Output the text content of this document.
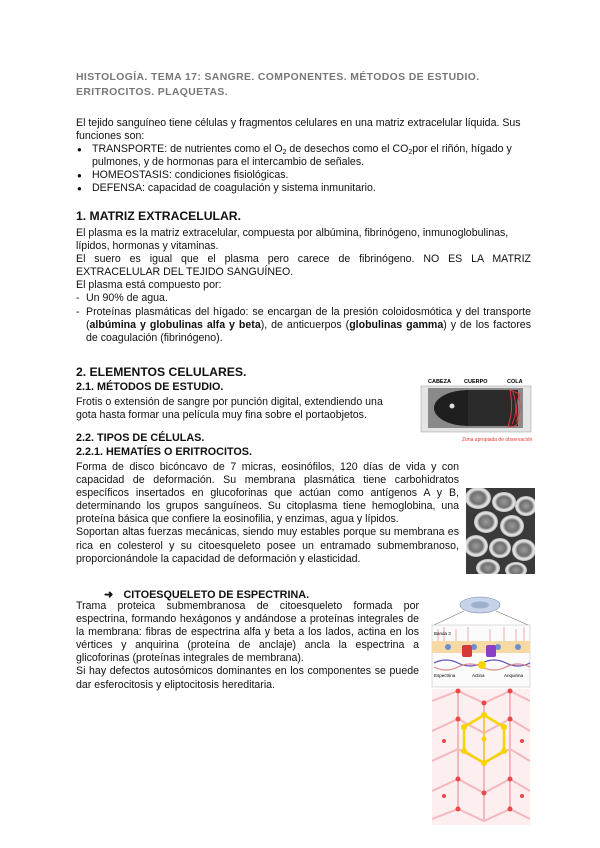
HISTOLOGÍA. TEMA 17: SANGRE. COMPONENTES. MÉTODOS DE ESTUDIO.
ERITROCITOS. PLAQUETAS.

El tejido sanguíneo tiene células y fragmentos celulares en una matriz extracelular líquida. Sus funciones son:

● TRANSPORTE: de nutrientes como el $O_2$ de desechos como el $CO_2por$ el riñón, hígado y pulmones, y de hormonas para el intercambio de señales.
● HOMEOSTASIS: condiciones fisiológicas.
● DEFENSA: capacidad de coagulación y sistema inmunitario.

1. MATRIZ EXTRACELULAR.

El plasma es la matriz extracelular, compuesta por albúmina, fibrinógeno, inmunoglobulinas, lípidos, hormonas y vitaminas.

El suero es igual que el plasma pero carece de fibrinógeno. NO ES LA MATRIZ EXTRACELULAR DEL TEJIDO SANGUÍNEO.

El plasma está compuesto por:

- Un 90% de agua.
- Proteínas plasmáticas del hígado: se encargan de la presión coloidosmótica y del transporte (albúmina y globulinas alfa y beta), de anticuerpos (globulinas gamma) y de los factores de coagulación (fibrinógeno).

2. ELEMENTOS CELULARES.

2.1. MÉTODOS DE ESTUDIO.

Frotis o extensión de sangre por punción digital, extendiendo una gota hasta formar una película muy fina sobre el portaobjetos.

2.2. TIPOS DE CÉLULAS.

2.2.1. HEMATÍES O ERITROCITOS.

Forma de disco bicóncavo de 7 micras, eosinófilos, 120 días de vida y con capacidad de deformación. Su membrana plasmática tiene carbohidratos específicos insertados en glucoforinas que actúan como antígenos A y B, determinando los grupos sanguíneos. Su citoplasma tiene hemoglobina, una proteína básica que confiere la eosinofilia, y enzimas, agua y lípidos.

Soportan altas fuerzas mecánicas, siendo muy estables porque su membrana es rica en colesterol y su citoesqueleto posee un entramado submembranoso, proporcionándole la capacidad de deformación y elasticidad.

CABEZA CUERPO	COLA
Zona apropiada de observación
➜ CITOESQUELETO DE ESPECTRINA.

Trama proteica submembranosa de citoesqueleto formada por espectrina, formando hexágonos y andándose a proteínas integrales de la membrana: fibras de espectrina alfa y beta a los lados, actina en los vértices y anquirina (proteína de anclaje) ancla la espectrina a glicoforinas (proteínas integrales de membrana).

Si hay defectos autosómicos dominantes en los componentes se puede dar esferocitosis y eliptocitosis hereditaria.

Banda 3
Espectrina	Actina	Anquirina
